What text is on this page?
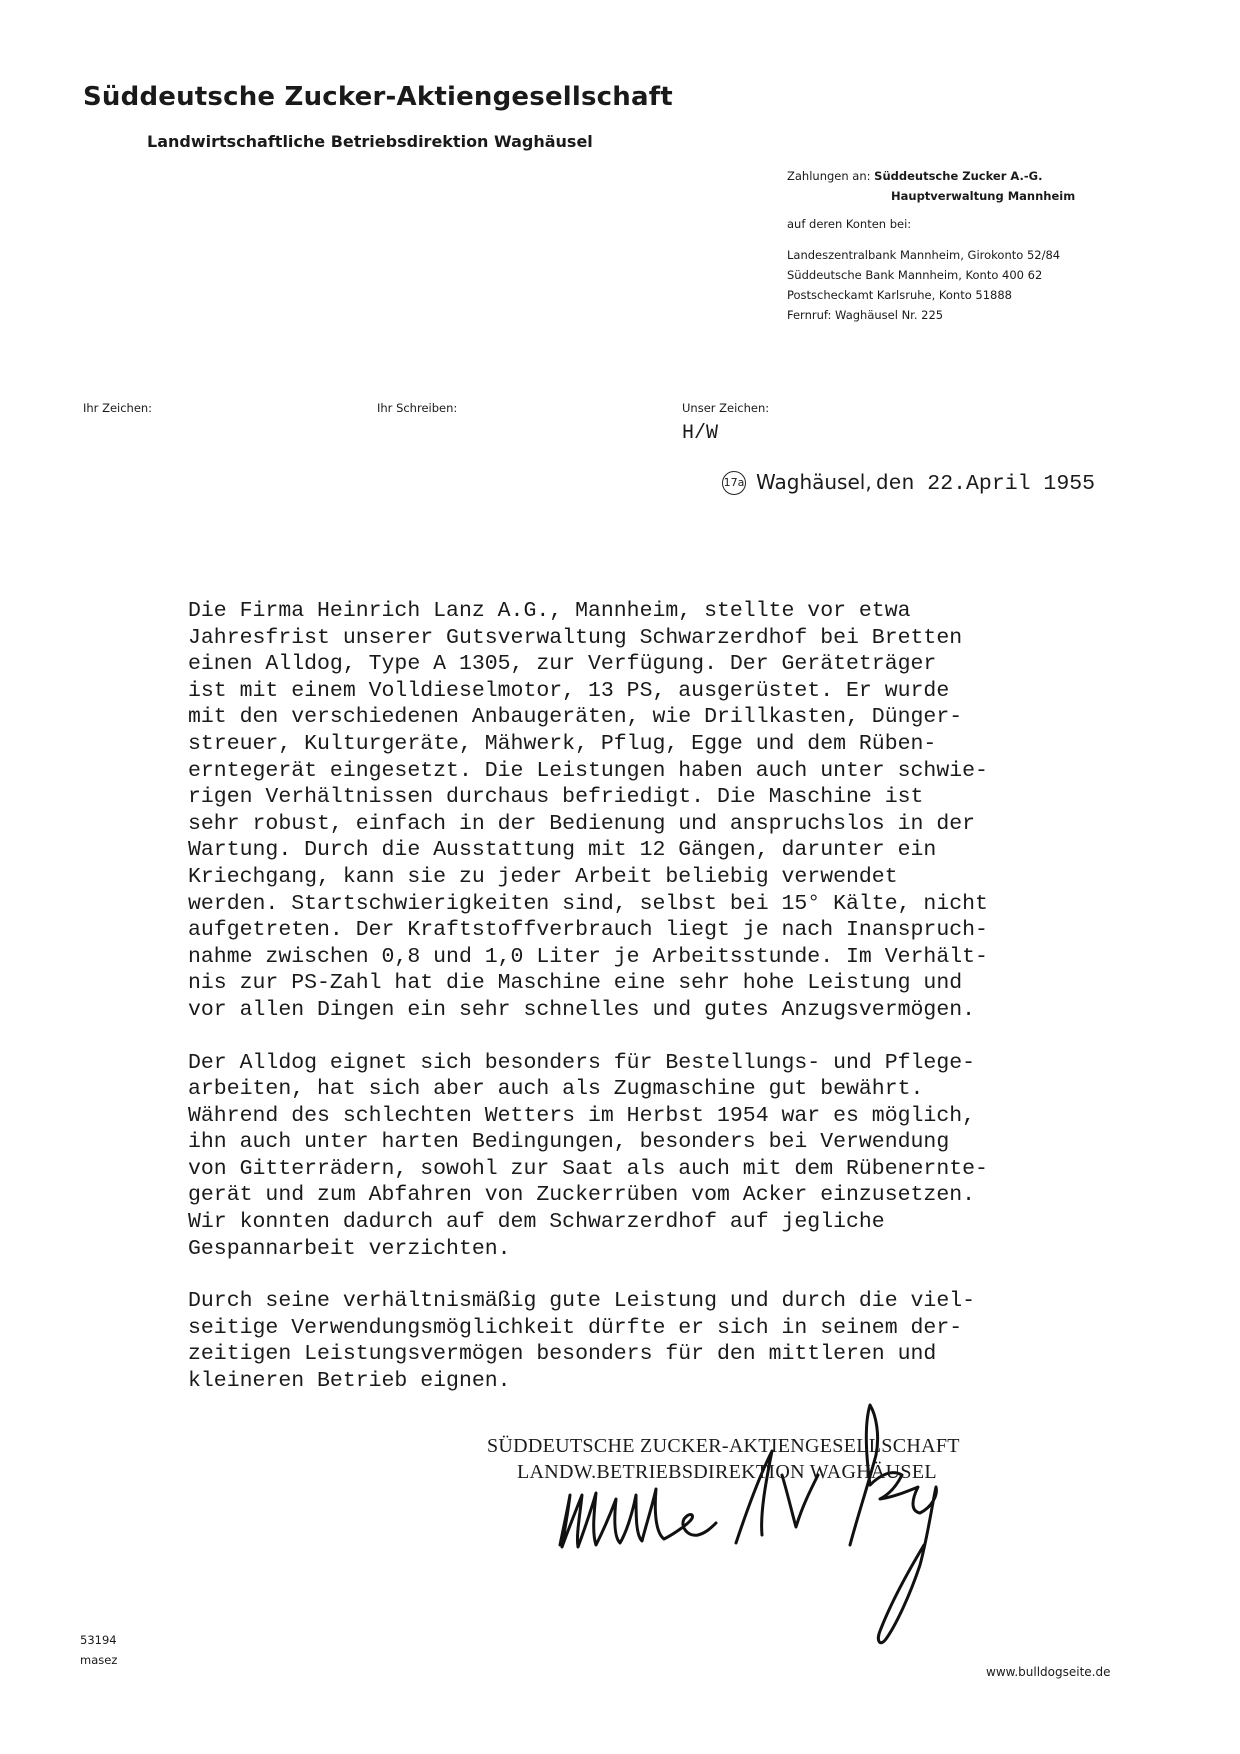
Süddeutsche Zucker-Aktiengesellschaft
Landwirtschaftliche Betriebsdirektion Waghäusel
Zahlungen an: Süddeutsche Zucker A.-G.
Hauptverwaltung Mannheim
auf deren Konten bei:
Landeszentralbank Mannheim, Girokonto 52/84
Süddeutsche Bank Mannheim, Konto 400 62
Postscheckamt Karlsruhe, Konto 51888
Fernruf: Waghäusel Nr. 225
Ihr Zeichen:	Ihr Schreiben:	Unser Zeichen:
H/W
17a Waghäusel, den 22.April 1955
Die Firma Heinrich Lanz A.G., Mannheim, stellte vor etwa
Jahresfrist unserer Gutsverwaltung Schwarzerdhof bei Bretten
einen Alldog, Type A 1305, zur Verfügung. Der Geräteträger
ist mit einem Volldieselmotor, 13 PS, ausgerüstet. Er wurde
mit den verschiedenen Anbaugeräten, wie Drillkasten, Dünger-
streuer, Kulturgeräte, Mähwerk, Pflug, Egge und dem Rüben-
erntegerät eingesetzt. Die Leistungen haben auch unter schwie-
rigen Verhältnissen durchaus befriedigt. Die Maschine ist
sehr robust, einfach in der Bedienung und anspruchslos in der
Wartung. Durch die Ausstattung mit 12 Gängen, darunter ein
Kriechgang, kann sie zu jeder Arbeit beliebig verwendet
werden. Startschwierigkeiten sind, selbst bei 15° Kälte, nicht
aufgetreten. Der Kraftstoffverbrauch liegt je nach Inanspruch-
nahme zwischen 0,8 und 1,0 Liter je Arbeitsstunde. Im Verhält-
nis zur PS-Zahl hat die Maschine eine sehr hohe Leistung und
vor allen Dingen ein sehr schnelles und gutes Anzugsvermögen.
Der Alldog eignet sich besonders für Bestellungs- und Pflege-
arbeiten, hat sich aber auch als Zugmaschine gut bewährt.
Während des schlechten Wetters im Herbst 1954 war es möglich,
ihn auch unter harten Bedingungen, besonders bei Verwendung
von Gitterrädern, sowohl zur Saat als auch mit dem Rübenernte-
gerät und zum Abfahren von Zuckerrüben vom Acker einzusetzen.
Wir konnten dadurch auf dem Schwarzerdhof auf jegliche
Gespannarbeit verzichten.
Durch seine verhältnismäßig gute Leistung und durch die viel-
seitige Verwendungsmöglichkeit dürfte er sich in seinem der-
zeitigen Leistungsvermögen besonders für den mittleren und
kleineren Betrieb eignen.
SÜDDEUTSCHE ZUCKER-AKTIENGESELLSCHAFT
LANDW.BETRIEBSDIREKTION WAGHÄUSEL
53194
masez
www.bulldogseite.de
